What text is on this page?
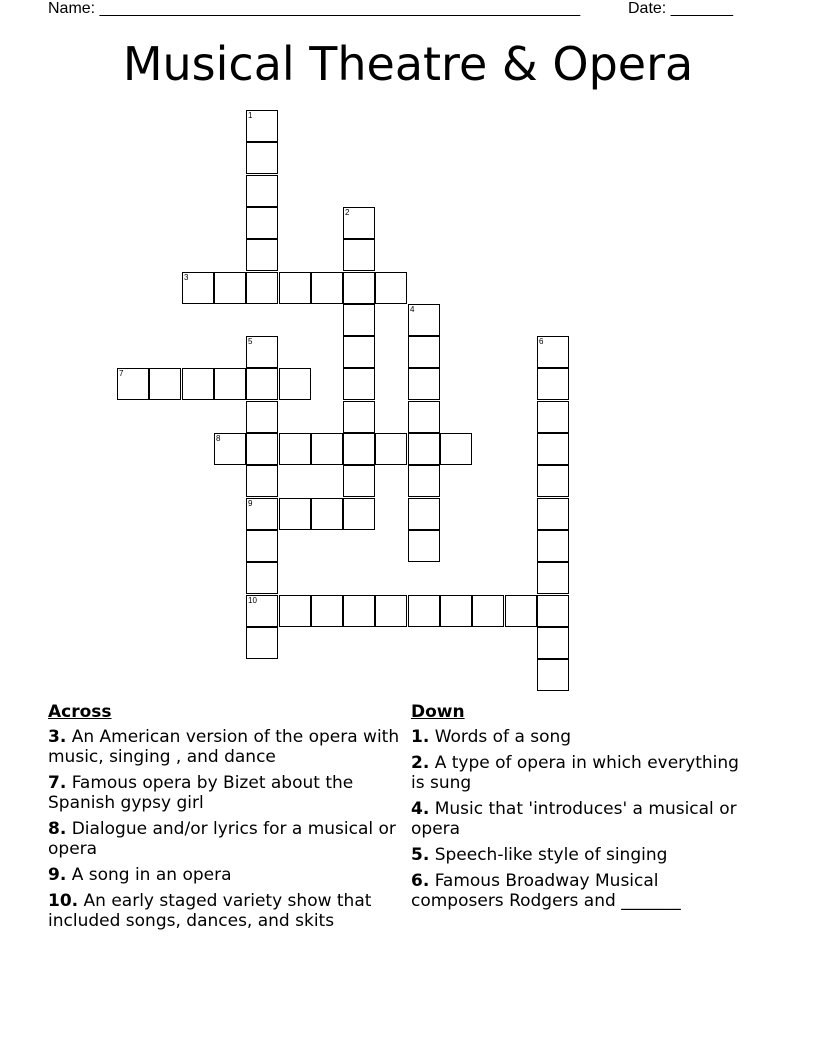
Name: ______________________________________________________	Date: _______
Musical Theatre & Opera
1
2
3
4
5
9
10
6
7
8
Across
3. An American version of the opera with music, singing , and dance
7. Famous opera by Bizet about the Spanish gypsy girl
8. Dialogue and/or lyrics for a musical or opera
9. A song in an opera
10. An early staged variety show that included songs, dances, and skits
Down
1. Words of a song
2. A type of opera in which everything is sung
4. Music that 'introduces' a musical or opera
5. Speech-like style of singing
6. Famous Broadway Musical composers Rodgers and _______
